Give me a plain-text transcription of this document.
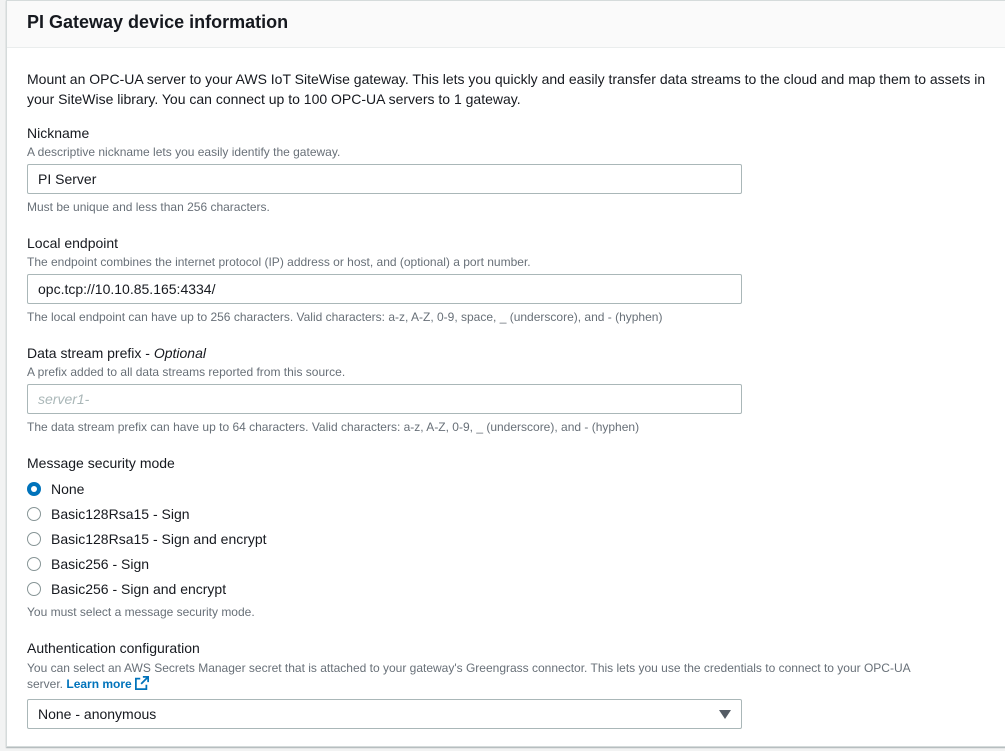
PI Gateway device information

Mount an OPC-UA server to your AWS IoT SiteWise gateway. This lets you quickly and easily transfer data streams to the cloud and map them to assets in your SiteWise library. You can connect up to 100 OPC-UA servers to 1 gateway.

Nickname
A descriptive nickname lets you easily identify the gateway.
PI Server
Must be unique and less than 256 characters.
Local endpoint
The endpoint combines the internet protocol (IP) address or host, and (optional) a port number.
opc.tcp://10.10.85.165:4334/
The local endpoint can have up to 256 characters. Valid characters: a-z, A-Z, 0-9, space, _ (underscore), and - (hyphen)
Data stream prefix - Optional
A prefix added to all data streams reported from this source.
server1-
The data stream prefix can have up to 64 characters. Valid characters: a-z, A-Z, 0-9, _ (underscore), and - (hyphen)
Message security mode
None
Basic128Rsa15 - Sign
Basic128Rsa15 - Sign and encrypt
Basic256 - Sign
Basic256 - Sign and encrypt
You must select a message security mode.
Authentication configuration
You can select an AWS Secrets Manager secret that is attached to your gateway's Greengrass connector. This lets you use the credentials to connect to your OPC-UA
server. Learn more
None - anonymous
